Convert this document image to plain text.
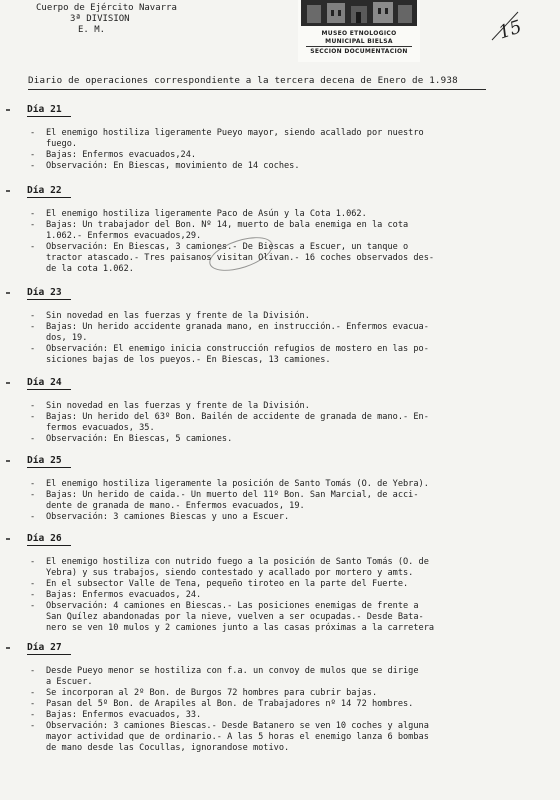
Cuerpo de Ejército Navarra
3ª DIVISION
E. M.	MUSEO ETNOLOGICO
MUNICIPAL BIELSA
SECCION DOCUMENTACION
15
Diario de operaciones correspondiente a la tercera decena de Enero de 1.938
Día 21
- El enemigo hostiliza ligeramente Pueyo mayor, siendo acallado por nuestro
fuego.
- Bajas: Enfermos evacuados,24.
- Observación: En Biescas, movimiento de 14 coches.
Día 22
- El enemigo hostiliza ligeramente Paco de Asún y la Cota 1.062.
- Bajas: Un trabajador del Bon. Nº 14, muerto de bala enemiga en la cota
1.062.- Enfermos evacuados,29.
- Observación: En Biescas, 3 camiones.- De Biescas a Escuer, un tanque o
tractor atascado.- Tres paisanos visitan Olivan.- 16 coches observados des-
de la cota 1.062.
Día 23
- Sin novedad en las fuerzas y frente de la División.
- Bajas: Un herido accidente granada mano, en instrucción.- Enfermos evacua-
dos, 19.
- Observación: El enemigo inicia construcción refugios de mostero en las po-
siciones bajas de los pueyos.- En Biescas, 13 camiones.
Día 24
- Sin novedad en las fuerzas y frente de la División.
- Bajas: Un herido del 63º Bon. Bailén de accidente de granada de mano.- En-
fermos evacuados, 35.
- Observación: En Biescas, 5 camiones.
Día 25
- El enemigo hostiliza ligeramente la posición de Santo Tomás (O. de Yebra).
- Bajas: Un herido de caida.- Un muerto del 11º Bon. San Marcial, de acci-
dente de granada de mano.- Enfermos evacuados, 19.
- Observación: 3 camiones Biescas y uno a Escuer.
Día 26
- El enemigo hostiliza con nutrido fuego a la posición de Santo Tomás (O. de
Yebra) y sus trabajos, siendo contestado y acallado por mortero y amts.
- En el subsector Valle de Tena, pequeño tiroteo en la parte del Fuerte.
- Bajas: Enfermos evacuados, 24.
- Observación: 4 camiones en Biescas.- Las posiciones enemigas de frente a
San Quílez abandonadas por la nieve, vuelven a ser ocupadas.- Desde Bata-
nero se ven 10 mulos y 2 camiones junto a las casas próximas a la carretera
Día 27
- Desde Pueyo menor se hostiliza con f.a. un convoy de mulos que se dirige
a Escuer.
- Se incorporan al 2º Bon. de Burgos 72 hombres para cubrir bajas.
- Pasan del 5º Bon. de Arapiles al Bon. de Trabajadores nº 14 72 hombres.
- Bajas: Enfermos evacuados, 33.
- Observación: 3 camiones Biescas.- Desde Batanero se ven 10 coches y alguna
mayor actividad que de ordinario.- A las 5 horas el enemigo lanza 6 bombas
de mano desde las Cocullas, ignorandose motivo.
